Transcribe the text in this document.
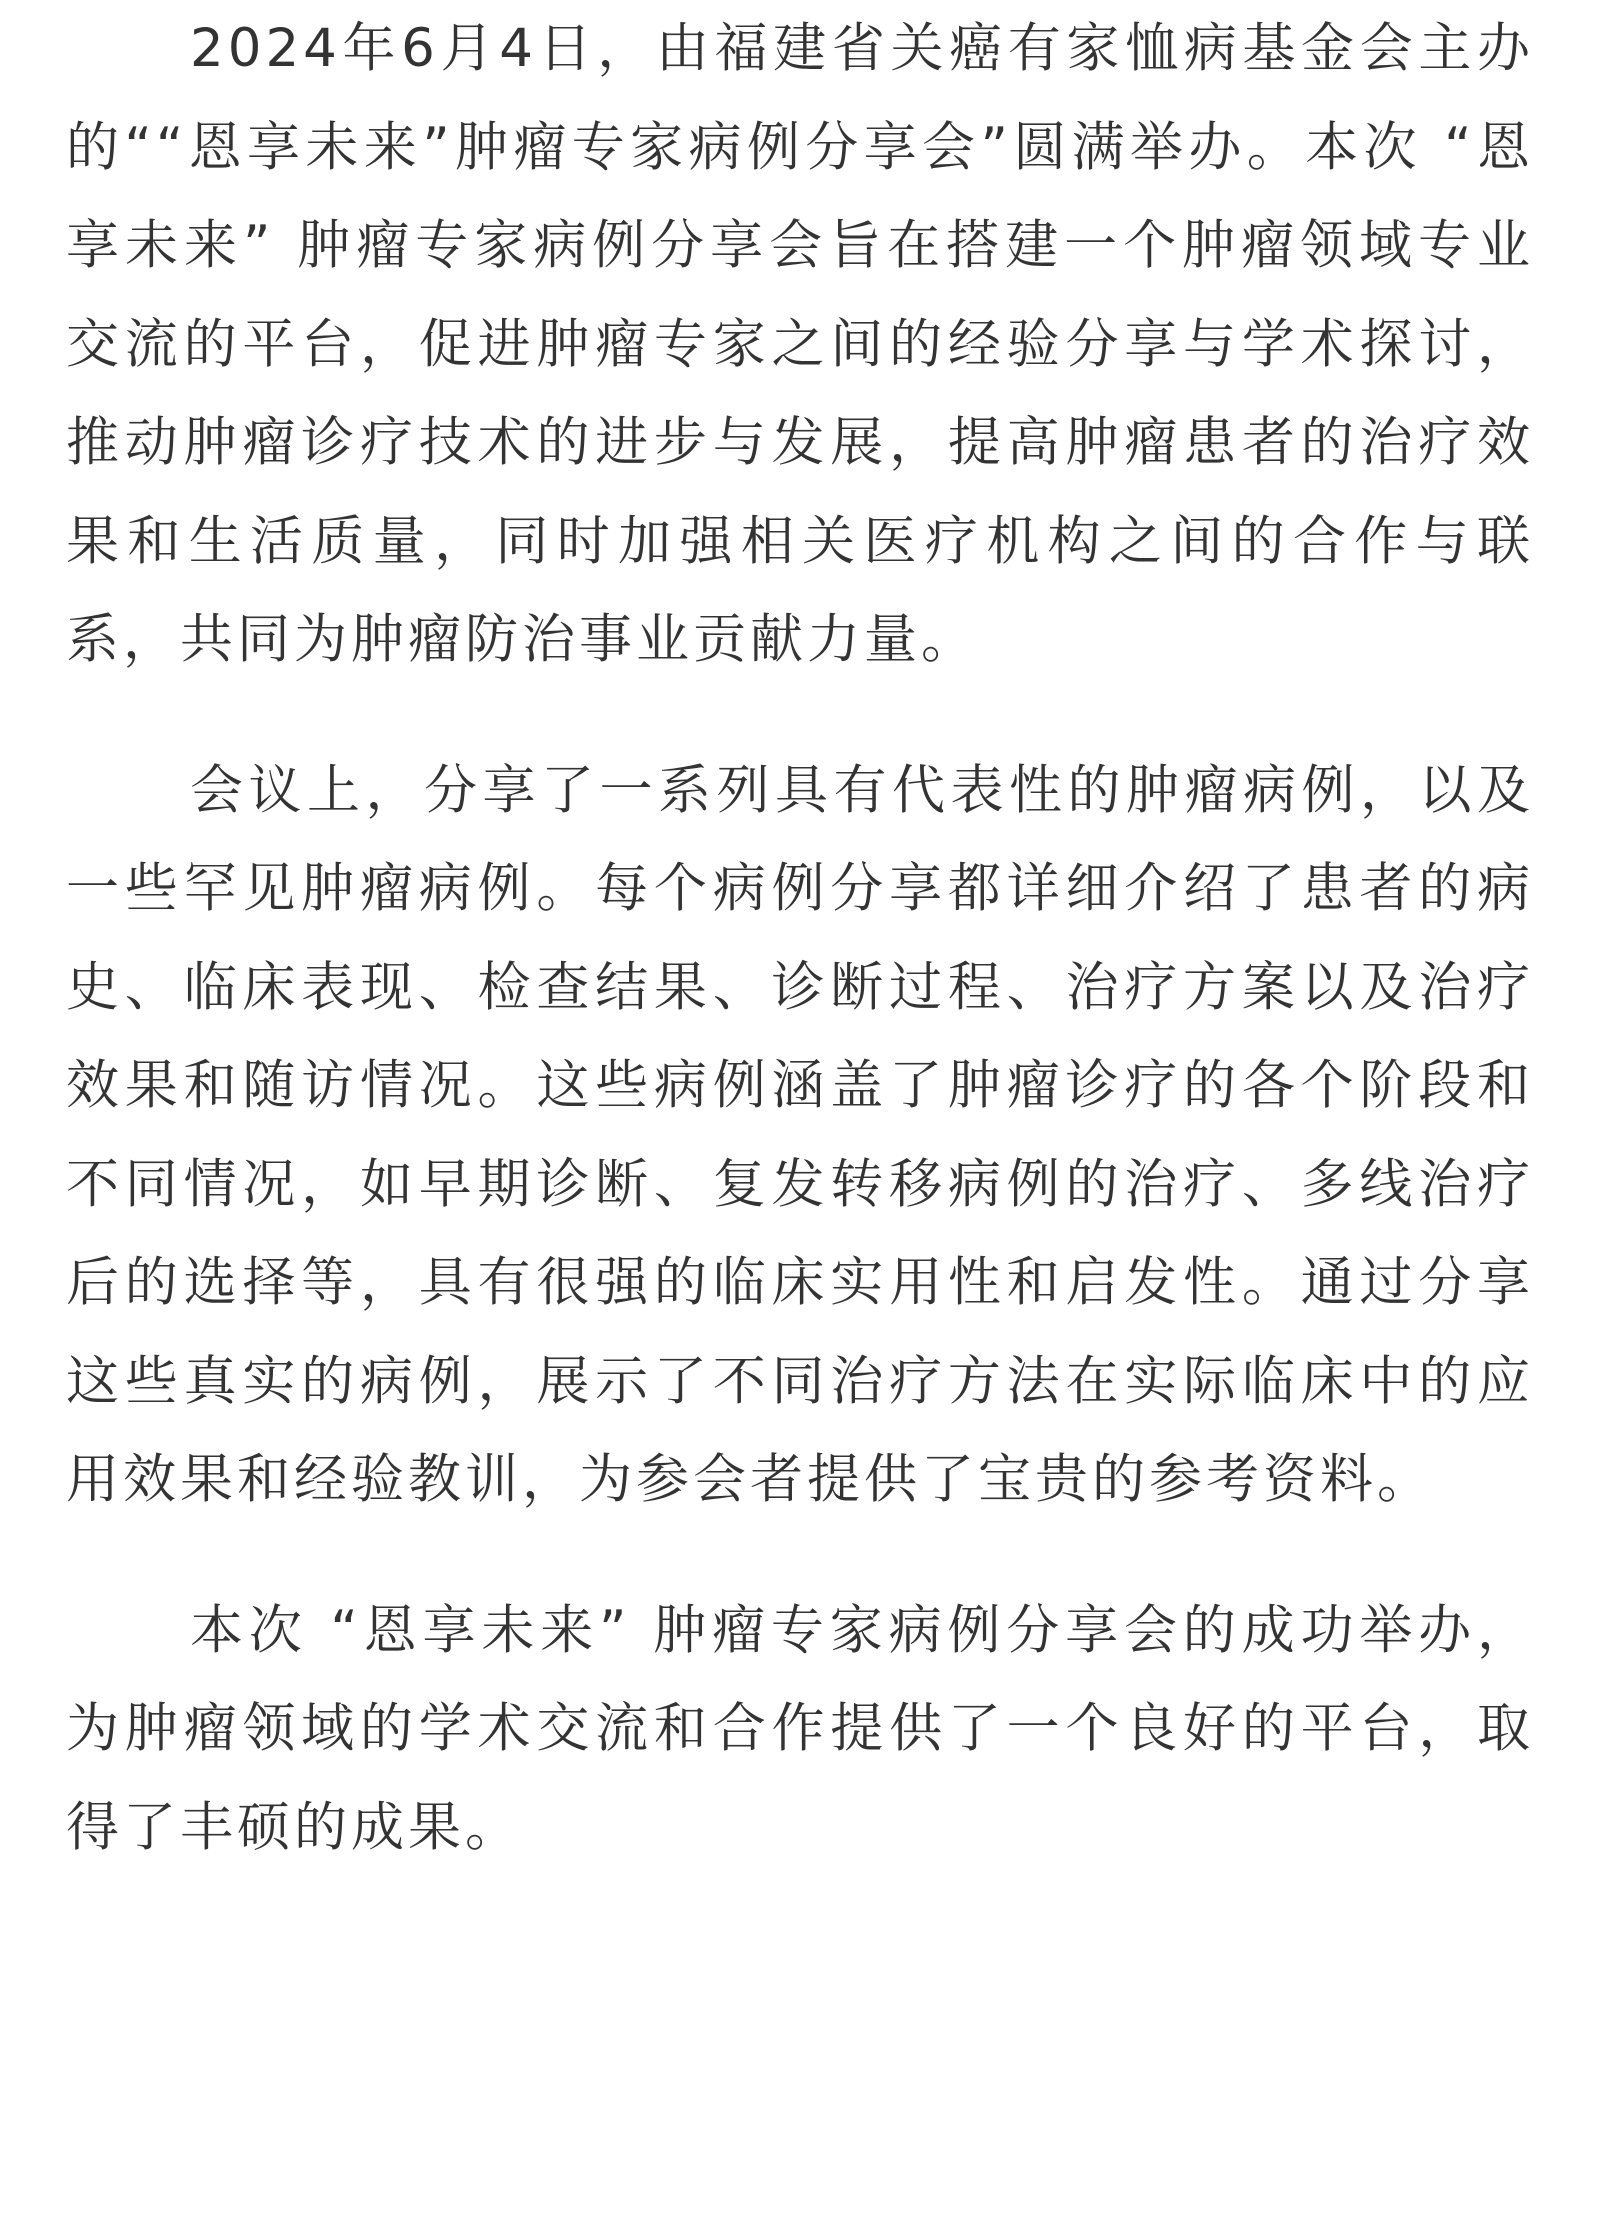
2024年6月4日，由福建省关癌有家恤病基金会主办的““恩享未来”肿瘤专家病例分享会”圆满举办。本次 “恩享未来” 肿瘤专家病例分享会旨在搭建一个肿瘤领域专业交流的平台，促进肿瘤专家之间的经验分享与学术探讨，推动肿瘤诊疗技术的进步与发展，提高肿瘤患者的治疗效果和生活质量，同时加强相关医疗机构之间的合作与联系，共同为肿瘤防治事业贡献力量。

会议上，分享了一系列具有代表性的肿瘤病例，以及一些罕见肿瘤病例。每个病例分享都详细介绍了患者的病史、临床表现、检查结果、诊断过程、治疗方案以及治疗效果和随访情况。这些病例涵盖了肿瘤诊疗的各个阶段和不同情况，如早期诊断、复发转移病例的治疗、多线治疗后的选择等，具有很强的临床实用性和启发性。通过分享这些真实的病例，展示了不同治疗方法在实际临床中的应用效果和经验教训，为参会者提供了宝贵的参考资料。

本次 “恩享未来” 肿瘤专家病例分享会的成功举办，为肿瘤领域的学术交流和合作提供了一个良好的平台，取得了丰硕的成果。
